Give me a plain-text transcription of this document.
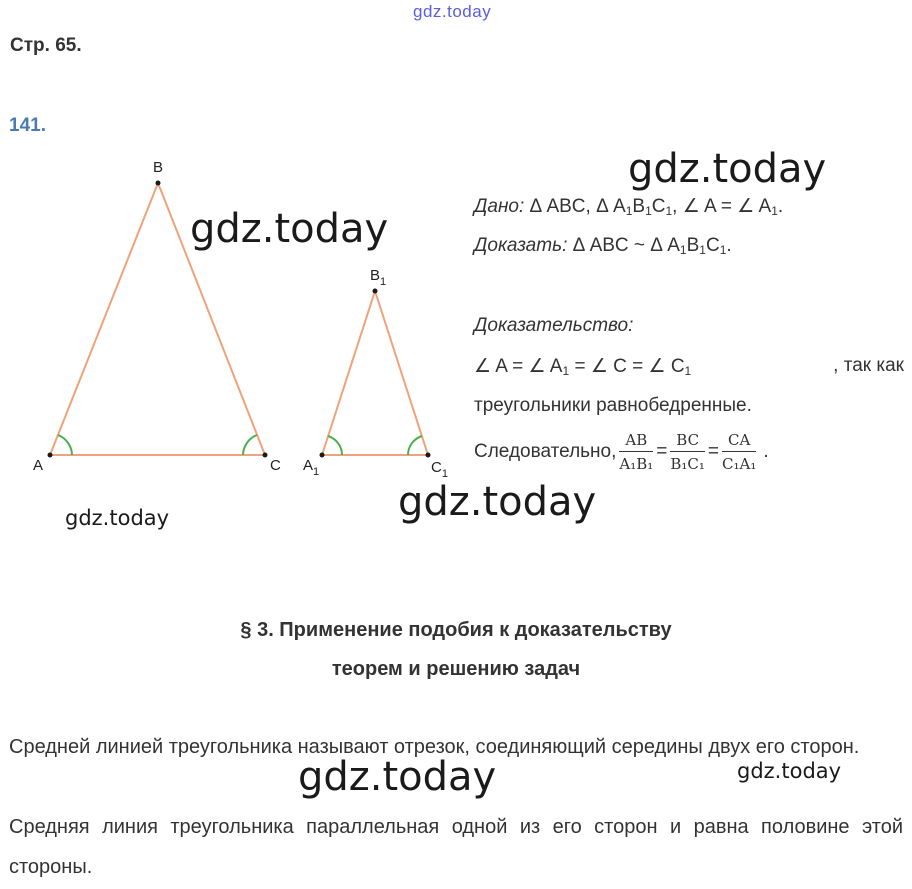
gdz.today
Стр. 65.
141.
A
B
C $A_1$
$B_1$
$C_1$
gdz.today
gdz.today
gdz.today
gdz.today
gdz.today	gdz.today
Дано: Δ ABC, Δ $A_1B_1C_1$, ∠ A = ∠ $A_1$.
Доказать: Δ ABC ~ Δ $A_1B_1C_1$.
Доказательство:
∠ A = ∠ $A_1$ = ∠ C = ∠ $C_1$	, так как
треугольники равнобедренные.
Следовательно, $\frac{AB}{\text{A₁B₁}} = \frac{BC}{\text{B₁C₁}} = \frac{CA}{\text{C₁A₁}}$ .
§ 3. Применение подобия к доказательству
теорем и решению задач
Средней линией треугольника называют отрезок, соединяющий середины двух его сторон.
Средняя линия треугольника параллельная одной из его сторон и равна половине этой стороны.
